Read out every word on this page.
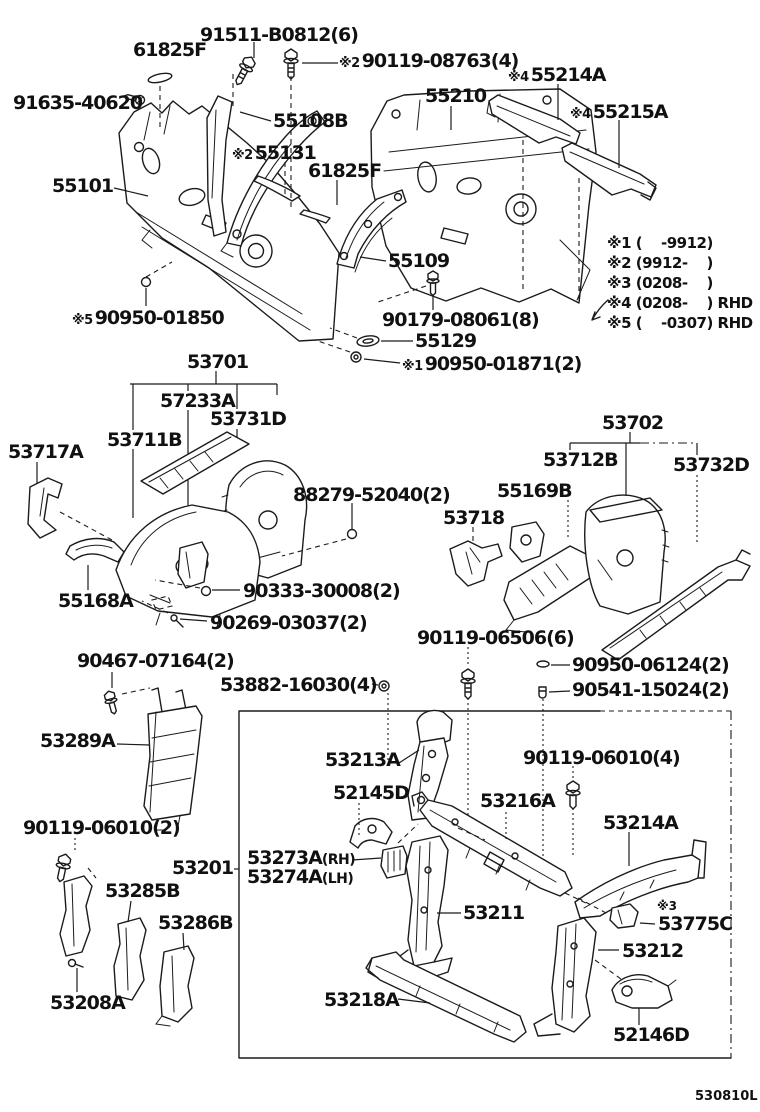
91511-B0812(6)
61825F
91635-40620
55108B
※2 55131
61825F
55101
※2 90119-08763(4)
55210
※4 55214A
※4 55215A
※5 90950-01850
55109
90179-08061(8)
55129
※1 90950-01871(2)
53701
57233A
53731D
53711B
53717A
88279-52040(2)
53702
53712B	53732D
55169B
53718
55168A	90333-30008(2)
90269-03037(2)
90467-07164(2)
53882-16030(4)
90119-06506(6)
90950-06124(2)
90541-15024(2)
53289A
90119-06010(2)
53201 53273A(RH)
53274A(LH)
53285B
53286B
53208A
53213A
52145D	53216A
90119-06010(4)
53214A
※3
53775C
53211
53212
53218A
52146D
※1 (    -9912)
※2 (9912-    )
※3 (0208-    )
※4 (0208-    ) RHD
※5 (    -0307) RHD
530810L
